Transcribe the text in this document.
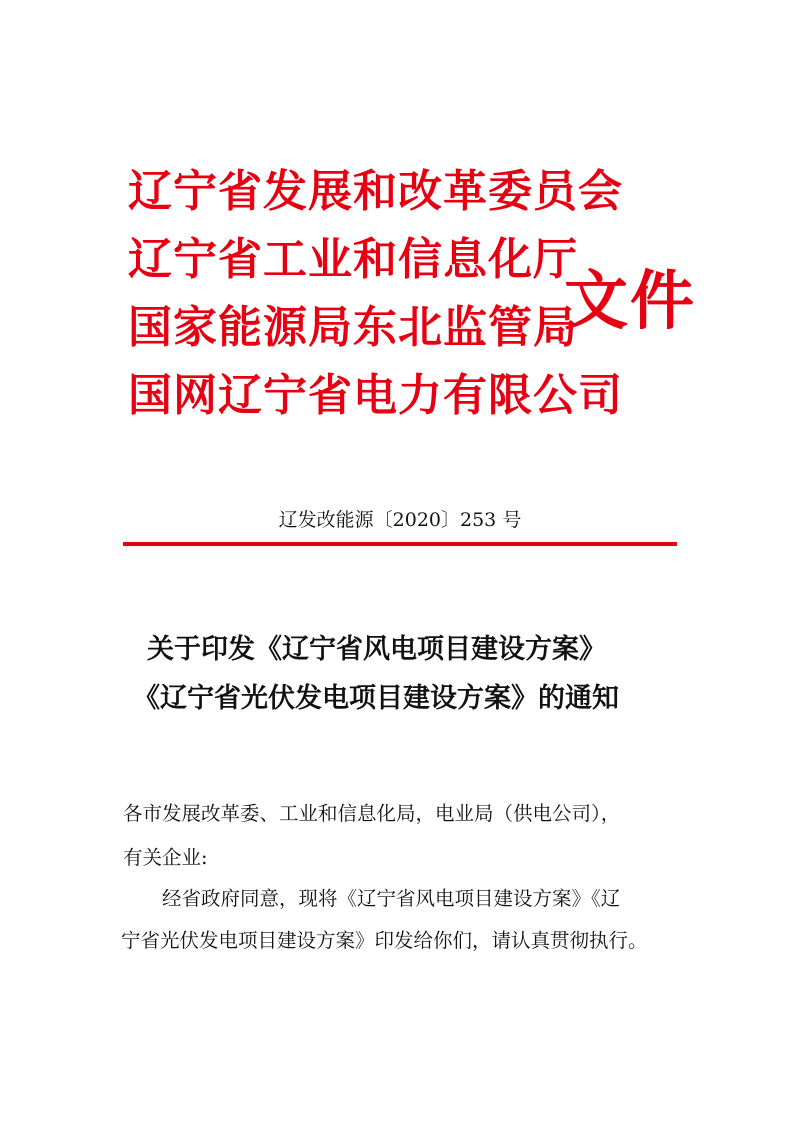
辽宁省发展和改革委员会
辽宁省工业和信息化厅
国家能源局东北监管局
国网辽宁省电力有限公司
文件
辽发改能源〔2020〕253 号
关于印发《辽宁省风电项目建设方案》
《辽宁省光伏发电项目建设方案》的通知
各市发展改革委、工业和信息化局，电业局（供电公司），
有关企业:
经省政府同意，现将《辽宁省风电项目建设方案》《辽
宁省光伏发电项目建设方案》印发给你们，请认真贯彻执行。
